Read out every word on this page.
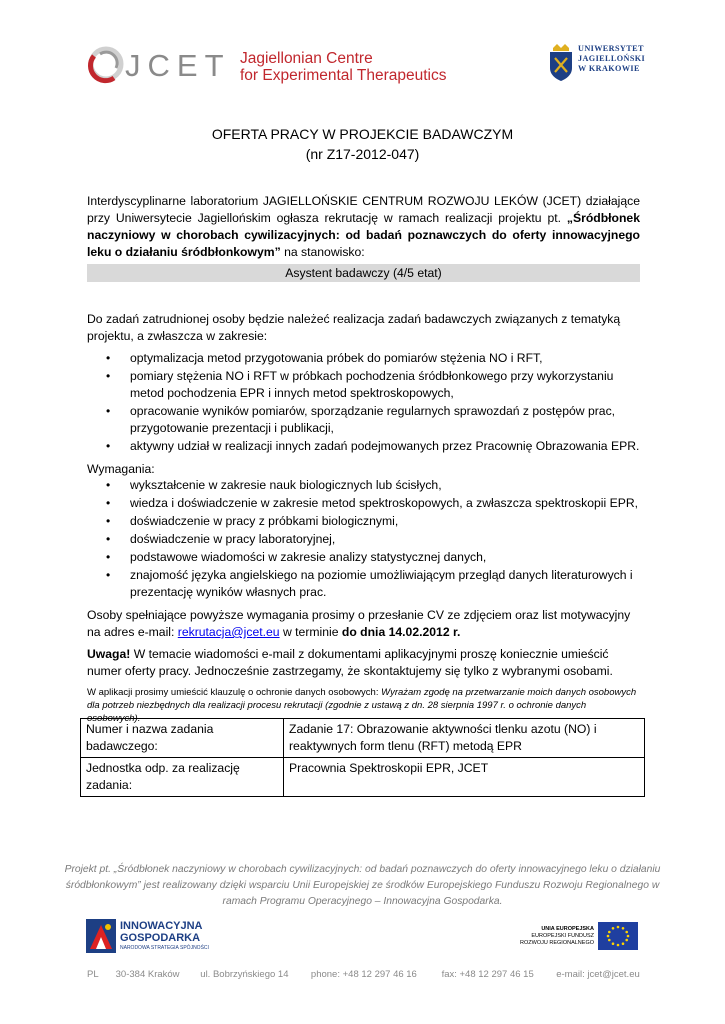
JCET Jagiellonian Centre
for Experimental Therapeutics
UNIWERSYTET
JAGIELLOŃSKI
W KRAKOWIE
OFERTA PRACY W PROJEKCIE BADAWCZYM
(nr Z17-2012-047)
Interdyscyplinarne laboratorium JAGIELLOŃSKIE CENTRUM ROZWOJU LEKÓW (JCET) działające przy Uniwersytecie Jagiellońskim ogłasza rekrutację w ramach realizacji projektu pt. „Śródbłonek naczyniowy w chorobach cywilizacyjnych: od badań poznawczych do oferty innowacyjnego leku o działaniu śródbłonkowym” na stanowisko:
Asystent badawczy (4/5 etat)
Do zadań zatrudnionej osoby będzie należeć realizacja zadań badawczych związanych z tematyką projektu, a zwłaszcza w zakresie:
• optymalizacja metod przygotowania próbek do pomiarów stężenia NO i RFT,
• pomiary stężenia NO i RFT w próbkach pochodzenia śródbłonkowego przy wykorzystaniu metod pochodzenia EPR i innych metod spektroskopowych,
• opracowanie wyników pomiarów, sporządzanie regularnych sprawozdań z postępów prac, przygotowanie prezentacji i publikacji,
• aktywny udział w realizacji innych zadań podejmowanych przez Pracownię Obrazowania EPR.
Wymagania:
• wykształcenie w zakresie nauk biologicznych lub ścisłych,
• wiedza i doświadczenie w zakresie metod spektroskopowych, a zwłaszcza spektroskopii EPR,
• doświadczenie w pracy z próbkami biologicznymi,
• doświadczenie w pracy laboratoryjnej,
• podstawowe wiadomości w zakresie analizy statystycznej danych,
• znajomość języka angielskiego na poziomie umożliwiającym przegląd danych literaturowych i prezentację wyników własnych prac.
Osoby spełniające powyższe wymagania prosimy o przesłanie CV ze zdjęciem oraz list motywacyjny na adres e-mail: rekrutacja@jcet.eu w terminie do dnia 14.02.2012 r.
Uwaga! W temacie wiadomości e-mail z dokumentami aplikacyjnymi proszę koniecznie umieścić numer oferty pracy. Jednocześnie zastrzegamy, że skontaktujemy się tylko z wybranymi osobami.
W aplikacji prosimy umieścić klauzulę o ochronie danych osobowych: Wyrażam zgodę na przetwarzanie moich danych osobowych dla potrzeb niezbędnych dla realizacji procesu rekrutacji (zgodnie z ustawą z dn. 28 sierpnia 1997 r. o ochronie danych osobowych).
Numer i nazwa zadania badawczego:	Zadanie 17: Obrazowanie aktywności tlenku azotu (NO) i reaktywnych form tlenu (RFT) metodą EPR
Jednostka odp. za realizację zadania:	Pracownia Spektroskopii EPR, JCET
Projekt pt. „Śródbłonek naczyniowy w chorobach cywilizacyjnych: od badań poznawczych do oferty innowacyjnego leku o działaniu śródbłonkowym” jest realizowany dzięki wsparciu Unii Europejskiej ze środków Europejskiego Funduszu Rozwoju Regionalnego w ramach Programu Operacyjnego – Innowacyjna Gospodarka.
INNOWACYJNA
GOSPODARKA
NARODOWA STRATEGIA SPÓJNOŚCI
UNIA EUROPEJSKA
EUROPEJSKI FUNDUSZ
ROZWOJU REGIONALNEGO
PL 30-384 Kraków ul. Bobrzyńskiego 14 phone: +48 12 297 46 16	fax: +48 12 297 46 15 e-mail: jcet@jcet.eu
